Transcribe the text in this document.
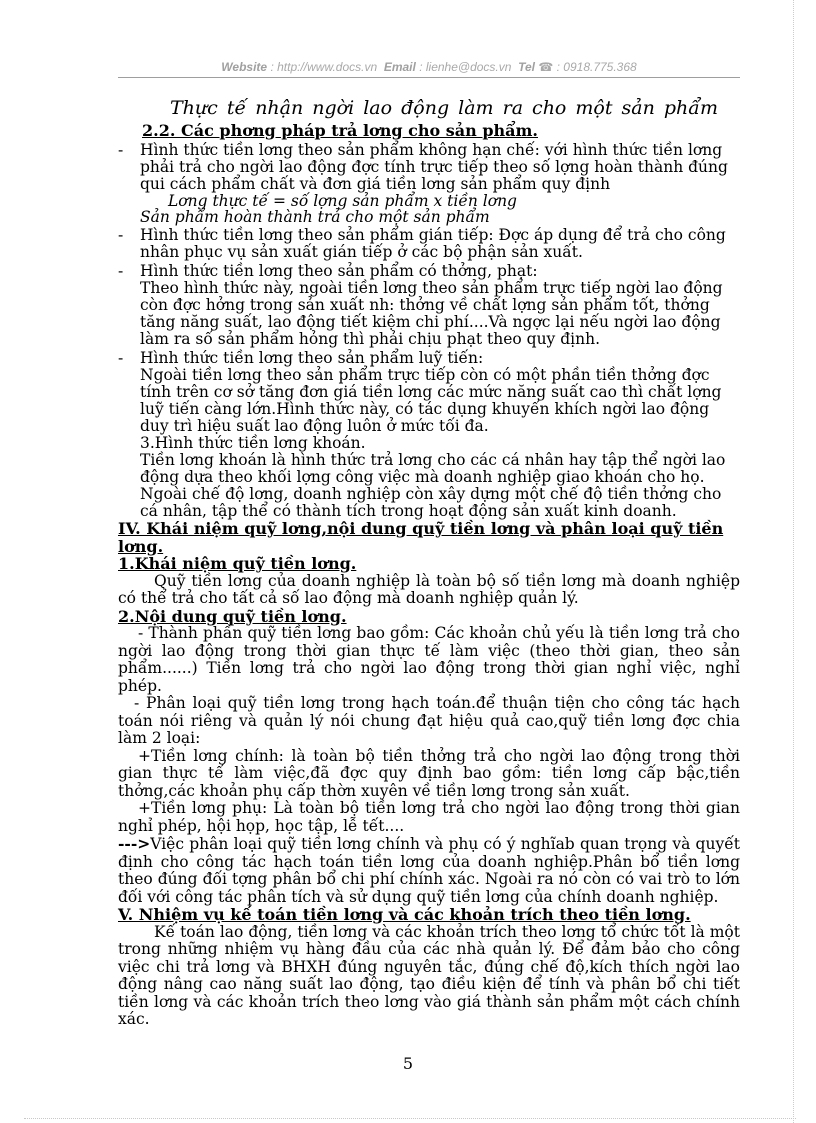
Website : http://www.docs.vn Email : lienhe@docs.vn Tel ☎ : 0918.775.368
Thực tế nhận ngời lao động làm ra cho một sản phẩm
2.2. Các phơng pháp trả lơng cho sản phẩm.
- Hình thức tiền lơng theo sản phẩm không hạn chế: với hình thức tiền lơng phải trả cho ngời lao động đợc tính trực tiếp theo số lợng hoàn thành đúng qui cách phẩm chất và đơn giá tiền lơng sản phẩm quy định
Lơng thực tế = số lợng sản phẩm x tiền lơng
Sản phẩm hoàn thành trả cho một sản phẩm
- Hình thức tiền lơng theo sản phẩm gián tiếp: Đợc áp dụng để trả cho công nhân phục vụ sản xuất gián tiếp ở các bộ phận sản xuất.
- Hình thức tiền lơng theo sản phẩm có thởng, phạt:
Theo hình thức này, ngoài tiền lơng theo sản phẩm trực tiếp ngời lao động còn đợc hởng trong sản xuất nh: thởng về chất lợng sản phẩm tốt, thởng tăng năng suất, lao động tiết kiệm chi phí....Và ngợc lại nếu ngời lao động làm ra số sản phẩm hỏng thì phải chịu phạt theo quy định.
- Hình thức tiền lơng theo sản phẩm luỹ tiến:
Ngoài tiền lơng theo sản phẩm trực tiếp còn có một phần tiền thởng đợc tính trên cơ sở tăng đơn giá tiền lơng các mức năng suất cao thì chất lợng luỹ tiến càng lớn.Hình thức này, có tác dụng khuyến khích ngời lao động duy trì hiệu suất lao động luôn ở mức tối đa.
3.Hình thức tiền lơng khoán.
Tiền lơng khoán là hình thức trả lơng cho các cá nhân hay tập thể ngời lao động dựa theo khối lợng công việc mà doanh nghiệp giao khoán cho họ. Ngoài chế độ lơng, doanh nghiệp còn xây dựng một chế độ tiền thởng cho cá nhân, tập thể có thành tích trong hoạt động sản xuất kinh doanh.
IV. Khái niệm quỹ lơng,nội dung quỹ tiền lơng và phân loại quỹ tiền lơng.
1.Khái niệm quỹ tiền lơng.
Quỹ tiền lơng của doanh nghiệp là toàn bộ số tiền lơng mà doanh nghiệp có thể trả cho tất cả số lao động mà doanh nghiệp quản lý.
2.Nội dung quỹ tiền lơng.
- Thành phần quỹ tiền lơng bao gồm: Các khoản chủ yếu là tiền lơng trả cho ngời lao động trong thời gian thực tế làm việc (theo thời gian, theo sản phẩm......) Tiền lơng trả cho ngời lao động trong thời gian nghỉ việc, nghỉ phép.
- Phân loại quỹ tiền lơng trong hạch toán.để thuận tiện cho công tác hạch toán nói riêng và quản lý nói chung đạt hiệu quả cao,quỹ tiền lơng đợc chia làm 2 loại:
+Tiền lơng chính: là toàn bộ tiền thởng trả cho ngời lao động trong thời gian thực tế làm việc,đã đợc quy định bao gồm: tiền lơng cấp bậc,tiền thởng,các khoản phụ cấp thờn xuyên về tiền lơng trong sản xuất.
+Tiền lơng phụ: Là toàn bộ tiền lơng trả cho ngời lao động trong thời gian nghỉ phép, hội họp, học tập, lễ tết....
--->Việc phân loại quỹ tiền lơng chính và phụ có ý nghĩab quan trọng và quyết định cho công tác hạch toán tiền lơng của doanh nghiệp.Phân bổ tiền lơng theo đúng đối tợng phân bổ chi phí chính xác. Ngoài ra nó còn có vai trò to lớn đối với công tác phân tích và sử dụng quỹ tiền lơng của chính doanh nghiệp.
V. Nhiệm vụ kế toán tiền lơng và các khoản trích theo tiền lơng.
Kế toán lao động, tiền lơng và các khoản trích theo lơng tổ chức tốt là một trong những nhiệm vụ hàng đầu của các nhà quản lý. Để đảm bảo cho công việc chi trả lơng và BHXH đúng nguyên tắc, đúng chế độ,kích thích ngời lao động nâng cao năng suất lao động, tạo điều kiện để tính và phân bổ chi tiết tiền lơng và các khoản trích theo lơng vào giá thành sản phẩm một cách chính xác.
5
